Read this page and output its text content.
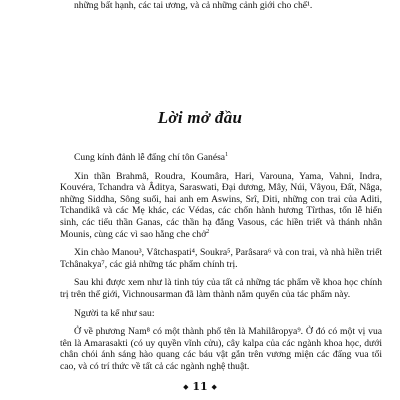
những bất hạnh, các tai ương, và cả những cảnh giới cho chế¹.
Lời mở đầu

Cung kính đảnh lễ đấng chí tôn Ganésa$^1$

Xin thần Brahmâ, Roudra, Koumâra, Hari, Varouna, Yama, Vahni, Indra, Kouvéra, Tchandra và Âditya, Saraswati, Đại dương, Mây, Núi, Vâyou, Đất, Nâga, những Siddha, Sông suối, hai anh em Aswins, Srî, Diti, những con trai của Aditi, Tchandikâ và các Mẹ khác, các Védas, các chốn hành hương Tîrthas, tổn lễ hiến sinh, các tiểu thần Ganas, các thần hạ đẳng Vasous, các hiền triết và thánh nhân Mounis, cùng các vì sao hằng che chở$^2$

Xin chào Manou³, Vâtchaspati⁴, Soukra⁵, Parâsara⁶ và con trai, và nhà hiền triết Tchânakya⁷, các giả những tác phẩm chính trị.

Sau khi được xem như là tinh túy của tất cả những tác phẩm về khoa học chính trị trên thế giới, Vichnousarman đã làm thành nắm quyển của tác phẩm này.

Người ta kể như sau:

Ở về phương Nam⁸ có một thành phố tên là Mahilâropya⁹. Ở đó có một vị vua tên là Amarasakti (có uy quyền vĩnh cửu), cây kalpa của các ngành khoa học, dưới chân chói ánh sáng hào quang các báu vật gắn trên vương miện các đấng vua tối cao, và có trí thức về tất cả các ngành nghệ thuật.

◆ 11 ◆
